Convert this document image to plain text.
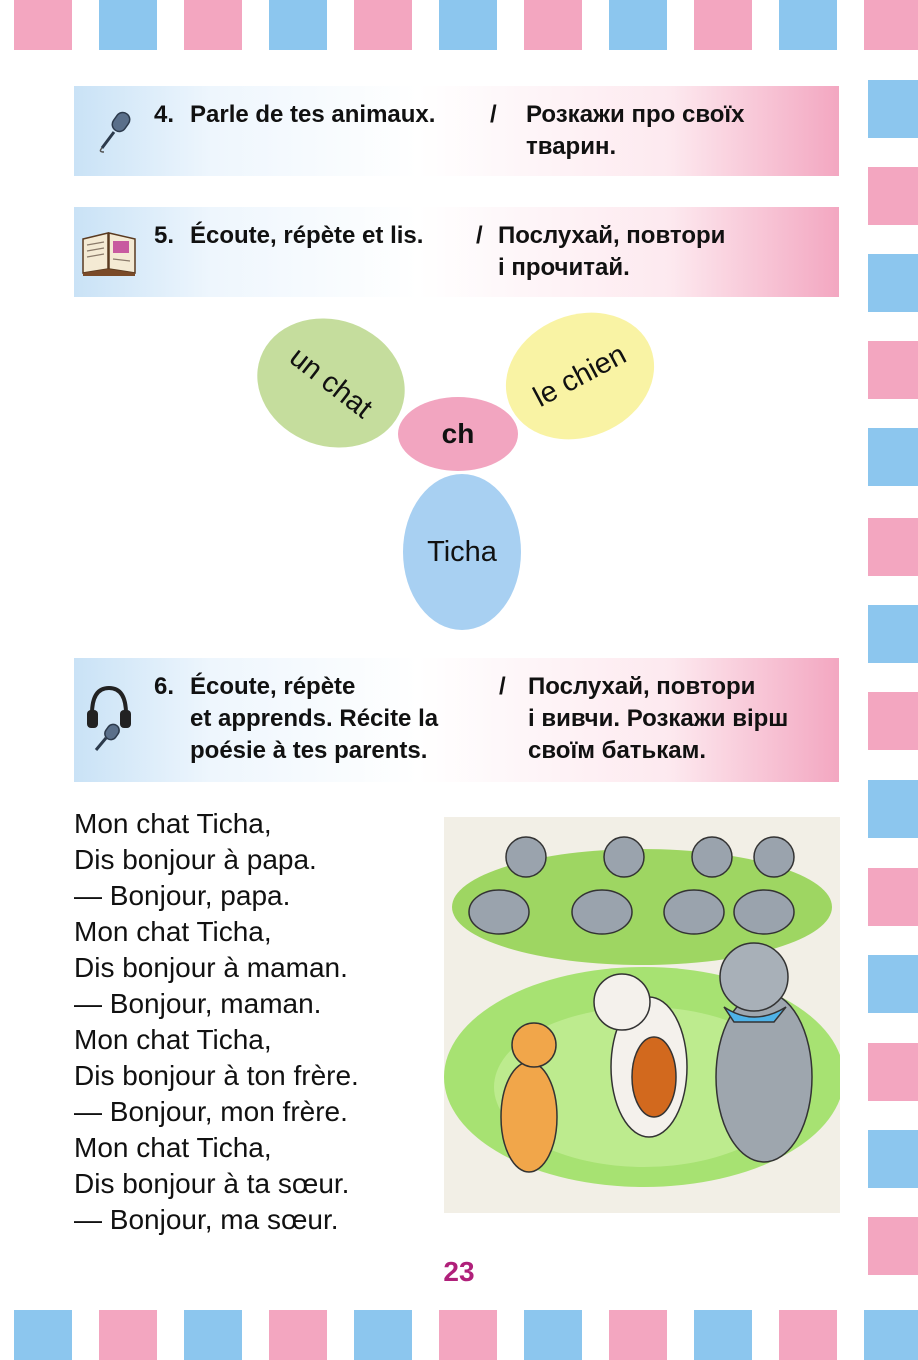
4. Parle de tes animaux. / Розкажи про своїх
тварин.
5. Écoute, répète et lis. / Послухай, повтори
і прочитай.
un chat	le chien
Ticha
ch
6. Écoute, répète
et apprends. Récite la
poésie à tes parents.
/ Послухай, повтори
і вивчи. Розкажи вірш
своїм батькам.
Mon chat Ticha,
Dis bonjour à papa.
— Bonjour, papa.
Mon chat Ticha,
Dis bonjour à maman.
— Bonjour, maman.
Mon chat Ticha,
Dis bonjour à ton frère.
— Bonjour, mon frère.
Mon chat Ticha,
Dis bonjour à ta sœur.
— Bonjour, ma sœur.
23
